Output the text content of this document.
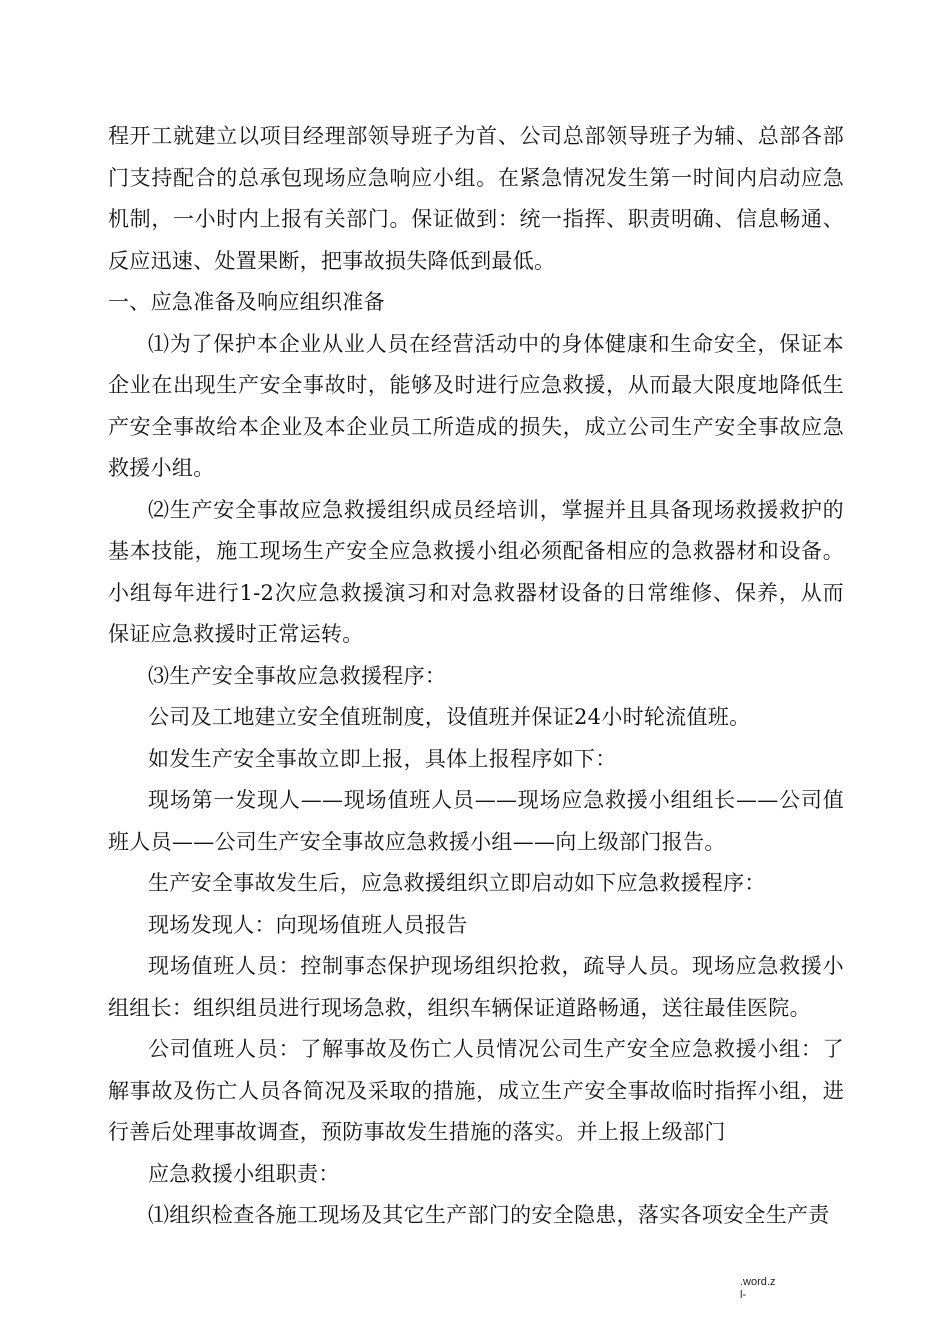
程开工就建立以项目经理部领导班子为首、公司总部领导班子为辅、总部各部门支持配合的总承包现场应急响应小组。在紧急情况发生第一时间内启动应急机制，一小时内上报有关部门。保证做到：统一指挥、职责明确、信息畅通、反应迅速、处置果断，把事故损失降低到最低。

一、应急准备及响应组织准备

⑴为了保护本企业从业人员在经营活动中的身体健康和生命安全，保证本企业在出现生产安全事故时，能够及时进行应急救援，从而最大限度地降低生产安全事故给本企业及本企业员工所造成的损失，成立公司生产安全事故应急救援小组。

⑵生产安全事故应急救援组织成员经培训，掌握并且具备现场救援救护的基本技能，施工现场生产安全应急救援小组必须配备相应的急救器材和设备。小组每年进行1-2次应急救援演习和对急救器材设备的日常维修、保养，从而保证应急救援时正常运转。

⑶生产安全事故应急救援程序：

公司及工地建立安全值班制度，设值班并保证24小时轮流值班。

如发生产安全事故立即上报，具体上报程序如下：

现场第一发现人——现场值班人员——现场应急救援小组组长——公司值班人员——公司生产安全事故应急救援小组——向上级部门报告。

生产安全事故发生后，应急救援组织立即启动如下应急救援程序：

现场发现人：向现场值班人员报告

现场值班人员：控制事态保护现场组织抢救，疏导人员。现场应急救援小组组长：组织组员进行现场急救，组织车辆保证道路畅通，送往最佳医院。

公司值班人员：了解事故及伤亡人员情况公司生产安全应急救援小组：了解事故及伤亡人员各简况及采取的措施，成立生产安全事故临时指挥小组，进行善后处理事故调查，预防事故发生措施的落实。并上报上级部门

应急救援小组职责：

⑴组织检查各施工现场及其它生产部门的安全隐患，落实各项安全生产责

.word.z
l-
